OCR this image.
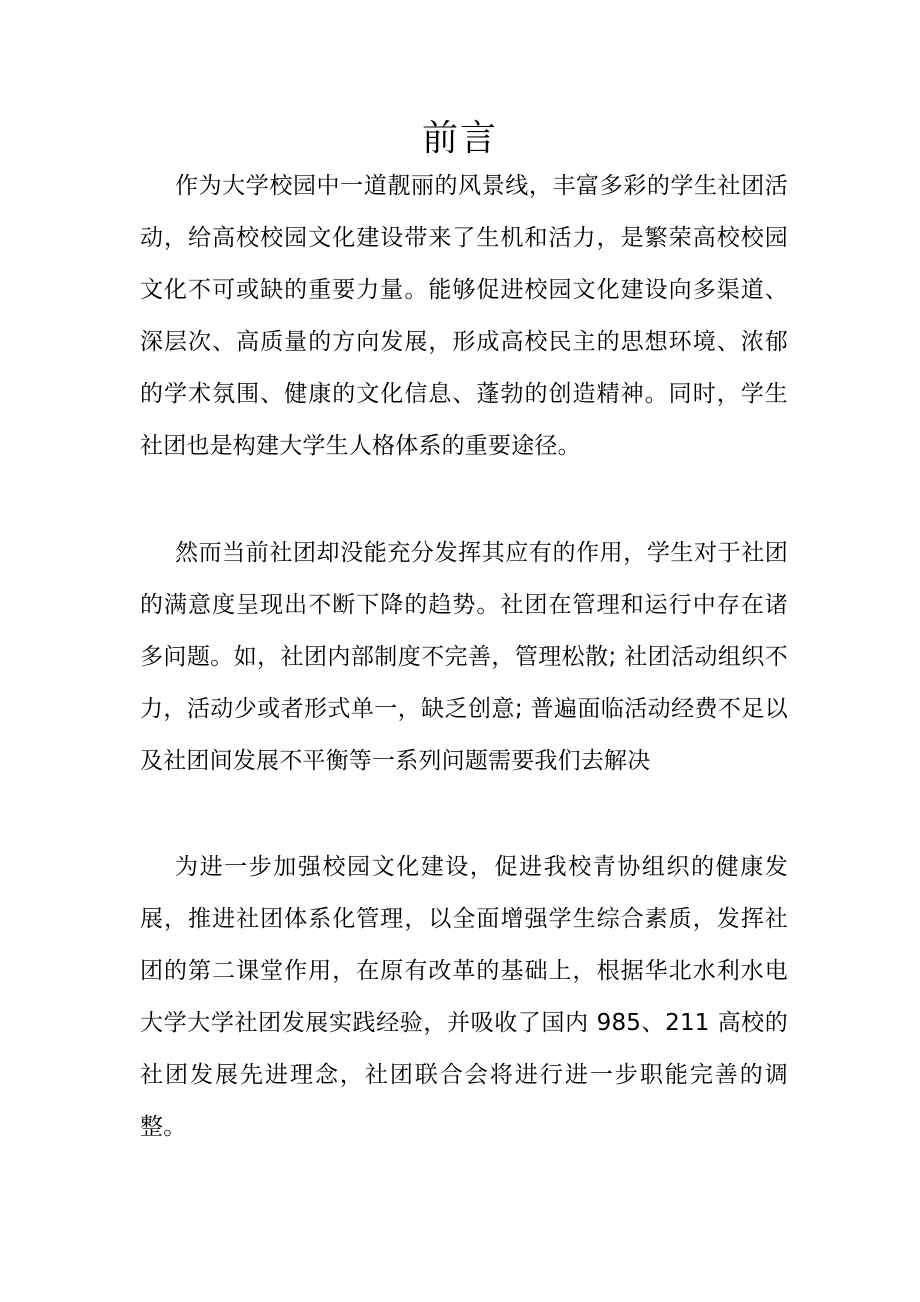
前言

作为大学校园中一道靓丽的风景线，丰富多彩的学生社团活动，给高校校园文化建设带来了生机和活力，是繁荣高校校园文化不可或缺的重要力量。能够促进校园文化建设向多渠道、深层次、高质量的方向发展，形成高校民主的思想环境、浓郁的学术氛围、健康的文化信息、蓬勃的创造精神。同时，学生社团也是构建大学生人格体系的重要途径。

然而当前社团却没能充分发挥其应有的作用，学生对于社团的满意度呈现出不断下降的趋势。社团在管理和运行中存在诸多问题。如，社团内部制度不完善，管理松散; 社团活动组织不力，活动少或者形式单一，缺乏创意; 普遍面临活动经费不足以及社团间发展不平衡等一系列问题需要我们去解决

为进一步加强校园文化建设，促进我校青协组织的健康发展，推进社团体系化管理，以全面增强学生综合素质，发挥社团的第二课堂作用，在原有改革的基础上，根据华北水利水电大学大学社团发展实践经验，并吸收了国内 985、211 高校的社团发展先进理念，社团联合会将进行进一步职能完善的调整。
